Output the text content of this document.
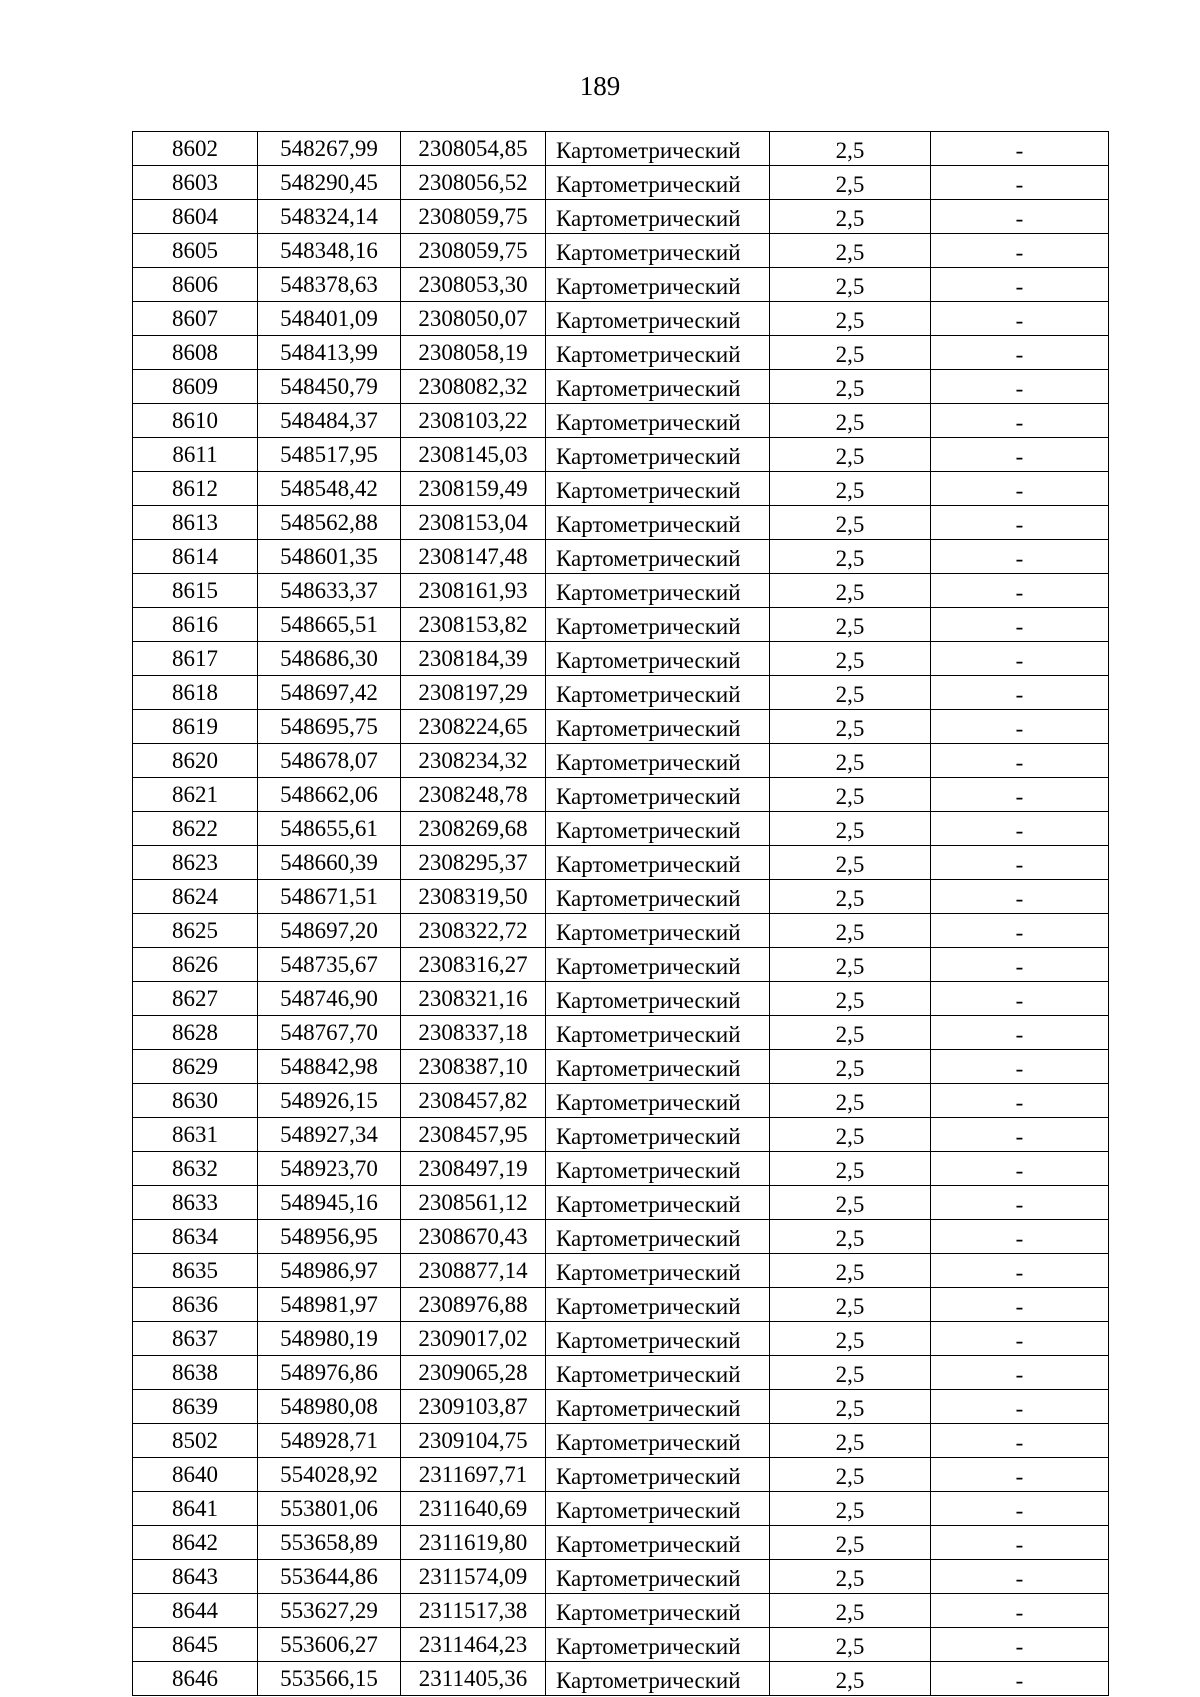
189
8602	548267,99	2308054,85	Картометрический	2,5	-
8603	548290,45	2308056,52	Картометрический	2,5	-
8604	548324,14	2308059,75	Картометрический	2,5	-
8605	548348,16	2308059,75	Картометрический	2,5	-
8606	548378,63	2308053,30	Картометрический	2,5	-
8607	548401,09	2308050,07	Картометрический	2,5	-
8608	548413,99	2308058,19	Картометрический	2,5	-
8609	548450,79	2308082,32	Картометрический	2,5	-
8610	548484,37	2308103,22	Картометрический	2,5	-
8611	548517,95	2308145,03	Картометрический	2,5	-
8612	548548,42	2308159,49	Картометрический	2,5	-
8613	548562,88	2308153,04	Картометрический	2,5	-
8614	548601,35	2308147,48	Картометрический	2,5	-
8615	548633,37	2308161,93	Картометрический	2,5	-
8616	548665,51	2308153,82	Картометрический	2,5	-
8617	548686,30	2308184,39	Картометрический	2,5	-
8618	548697,42	2308197,29	Картометрический	2,5	-
8619	548695,75	2308224,65	Картометрический	2,5	-
8620	548678,07	2308234,32	Картометрический	2,5	-
8621	548662,06	2308248,78	Картометрический	2,5	-
8622	548655,61	2308269,68	Картометрический	2,5	-
8623	548660,39	2308295,37	Картометрический	2,5	-
8624	548671,51	2308319,50	Картометрический	2,5	-
8625	548697,20	2308322,72	Картометрический	2,5	-
8626	548735,67	2308316,27	Картометрический	2,5	-
8627	548746,90	2308321,16	Картометрический	2,5	-
8628	548767,70	2308337,18	Картометрический	2,5	-
8629	548842,98	2308387,10	Картометрический	2,5	-
8630	548926,15	2308457,82	Картометрический	2,5	-
8631	548927,34	2308457,95	Картометрический	2,5	-
8632	548923,70	2308497,19	Картометрический	2,5	-
8633	548945,16	2308561,12	Картометрический	2,5	-
8634	548956,95	2308670,43	Картометрический	2,5	-
8635	548986,97	2308877,14	Картометрический	2,5	-
8636	548981,97	2308976,88	Картометрический	2,5	-
8637	548980,19	2309017,02	Картометрический	2,5	-
8638	548976,86	2309065,28	Картометрический	2,5	-
8639	548980,08	2309103,87	Картометрический	2,5	-
8502	548928,71	2309104,75	Картометрический	2,5	-
8640	554028,92	2311697,71	Картометрический	2,5	-
8641	553801,06	2311640,69	Картометрический	2,5	-
8642	553658,89	2311619,80	Картометрический	2,5	-
8643	553644,86	2311574,09	Картометрический	2,5	-
8644	553627,29	2311517,38	Картометрический	2,5	-
8645	553606,27	2311464,23	Картометрический	2,5	-
8646	553566,15	2311405,36	Картометрический	2,5	-
